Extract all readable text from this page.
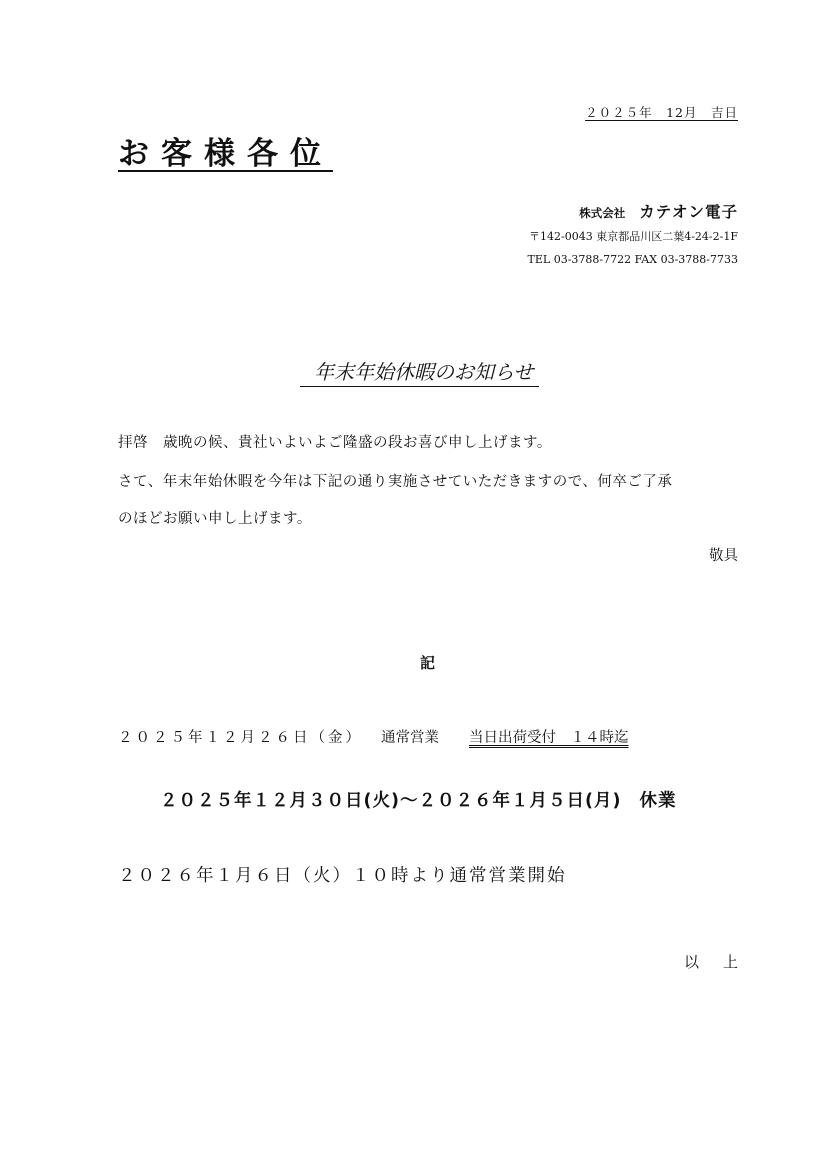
２０２５年　12月　吉日
お客様各位
株式会社 カテオン電子
〒142-0043 東京都品川区二葉4-24-2-1F
TEL 03-3788-7722 FAX 03-3788-7733
年末年始休暇のお知らせ
拝啓　歳晩の候、貴社いよいよご隆盛の段お喜び申し上げます。
さて、年末年始休暇を今年は下記の通り実施させていただきますので、何卒ご了承
のほどお願い申し上げます。
敬具
記
２０２５年１２月２６日（金） 通常営業 当日出荷受付　１４時迄
２０２５年１２月３０日(火)～２０２６年１月５日(月) 休業
２０２６年１月６日（火）１０時より通常営業開始
以上
